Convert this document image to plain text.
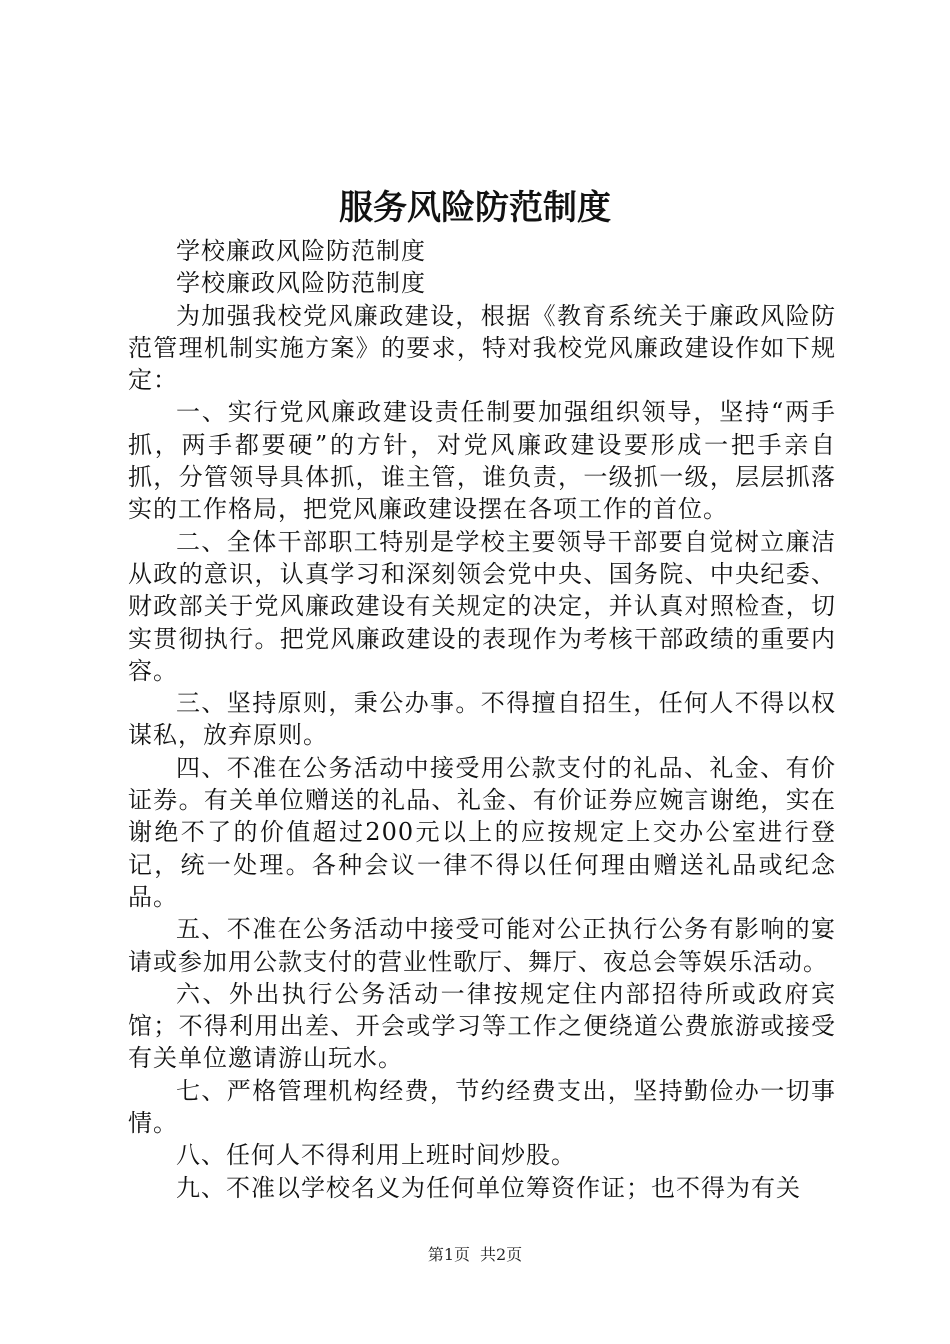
服务风险防范制度

学校廉政风险防范制度

学校廉政风险防范制度

为加强我校党风廉政建设，根据《教育系统关于廉政风险防范管理机制实施方案》的要求，特对我校党风廉政建设作如下规定：

一、实行党风廉政建设责任制要加强组织领导，坚持“两手抓，两手都要硬”的方针，对党风廉政建设要形成一把手亲自抓，分管领导具体抓，谁主管，谁负责，一级抓一级，层层抓落实的工作格局，把党风廉政建设摆在各项工作的首位。

二、全体干部职工特别是学校主要领导干部要自觉树立廉洁从政的意识，认真学习和深刻领会党中央、国务院、中央纪委、财政部关于党风廉政建设有关规定的决定，并认真对照检查，切实贯彻执行。把党风廉政建设的表现作为考核干部政绩的重要内容。

三、坚持原则，秉公办事。不得擅自招生，任何人不得以权谋私，放弃原则。

四、不准在公务活动中接受用公款支付的礼品、礼金、有价证券。有关单位赠送的礼品、礼金、有价证券应婉言谢绝，实在谢绝不了的价值超过200元以上的应按规定上交办公室进行登记，统一处理。各种会议一律不得以任何理由赠送礼品或纪念品。

五、不准在公务活动中接受可能对公正执行公务有影响的宴请或参加用公款支付的营业性歌厅、舞厅、夜总会等娱乐活动。

六、外出执行公务活动一律按规定住内部招待所或政府宾馆；不得利用出差、开会或学习等工作之便绕道公费旅游或接受有关单位邀请游山玩水。

七、严格管理机构经费，节约经费支出，坚持勤俭办一切事情。

八、任何人不得利用上班时间炒股。

九、不准以学校名义为任何单位筹资作证；也不得为有关

第1页 共2页
